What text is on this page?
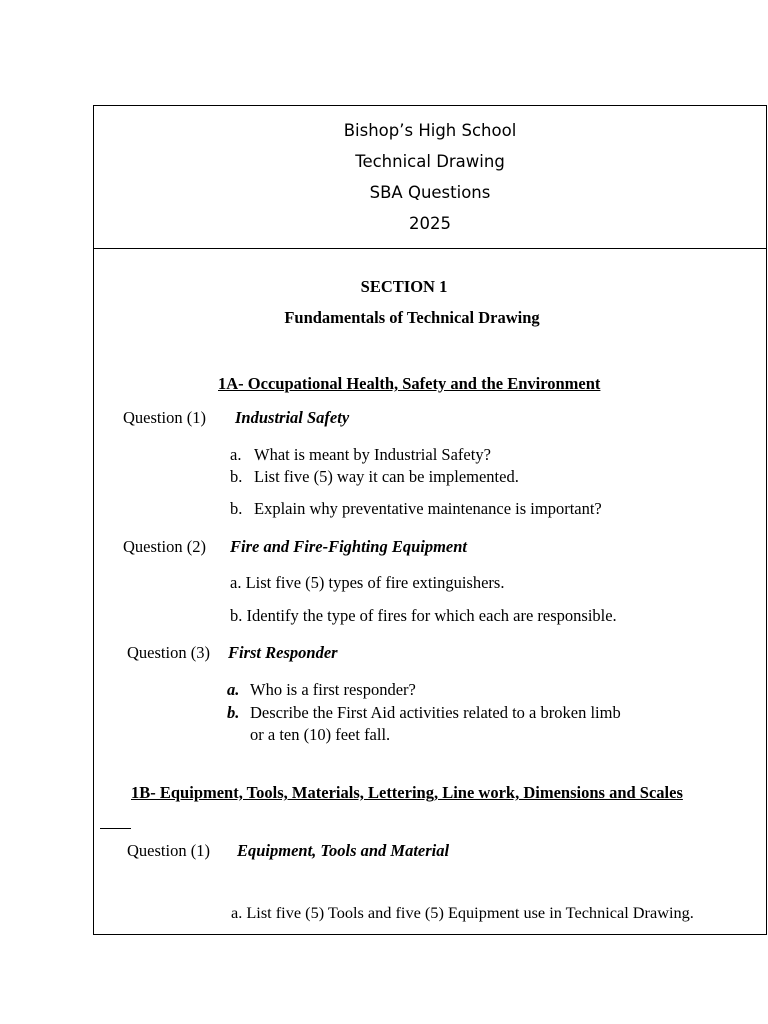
Bishop’s High School
Technical Drawing
SBA Questions
2025
SECTION 1
Fundamentals of Technical Drawing
1A- Occupational Health, Safety and the Environment
Question (1) Industrial Safety
a. What is meant by Industrial Safety?
b. List five (5) way it can be implemented.
b. Explain why preventative maintenance is important?
Question (2) Fire and Fire-Fighting Equipment
a. List five (5) types of fire extinguishers.
b. Identify the type of fires for which each are responsible.
Question (3) First Responder
a. Who is a first responder?
b. Describe the First Aid activities related to a broken limb
or a ten (10) feet fall.
1B- Equipment, Tools, Materials, Lettering, Line work, Dimensions and Scales
Question (1) Equipment, Tools and Material
a. List five (5) Tools and five (5) Equipment use in Technical Drawing.
